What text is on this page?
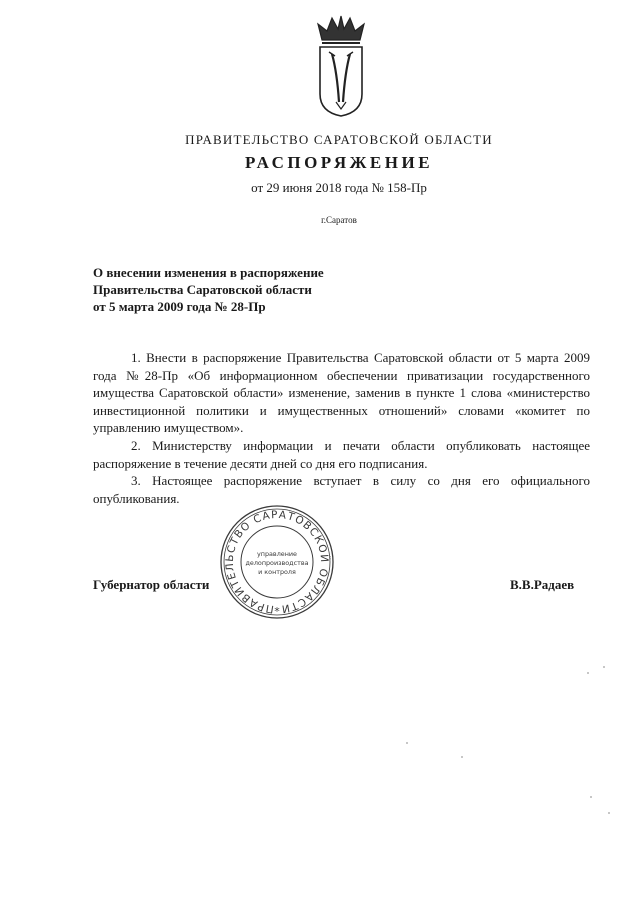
ПРАВИТЕЛЬСТВО САРАТОВСКОЙ ОБЛАСТИ
РАСПОРЯЖЕНИЕ
от 29 июня 2018 года № 158-Пр
г.Саратов
О внесении изменения в распоряжение
Правительства Саратовской области
от 5 марта 2009 года № 28-Пр

1. Внести в распоряжение Правительства Саратовской области от 5 марта 2009 года №28-Пр «Об информационном обеспечении приватизации государственного имущества Саратовской области» изменение, заменив в пункте 1 слова «министерство инвестиционной политики и имущественных отношений» словами «комитет по управлению имуществом».

2. Министерству информации и печати области опубликовать настоящее распоряжение в течение десяти дней со дня его подписания.

3. Настоящее распоряжение вступает в силу со дня его официального опубликования.

Губернатор области	В.В.Радаев
ПРАВИТЕЛЬСТВО САРАТОВСКОЙ ОБЛАСТИ
управление
делопроизводства
и контроля
*
